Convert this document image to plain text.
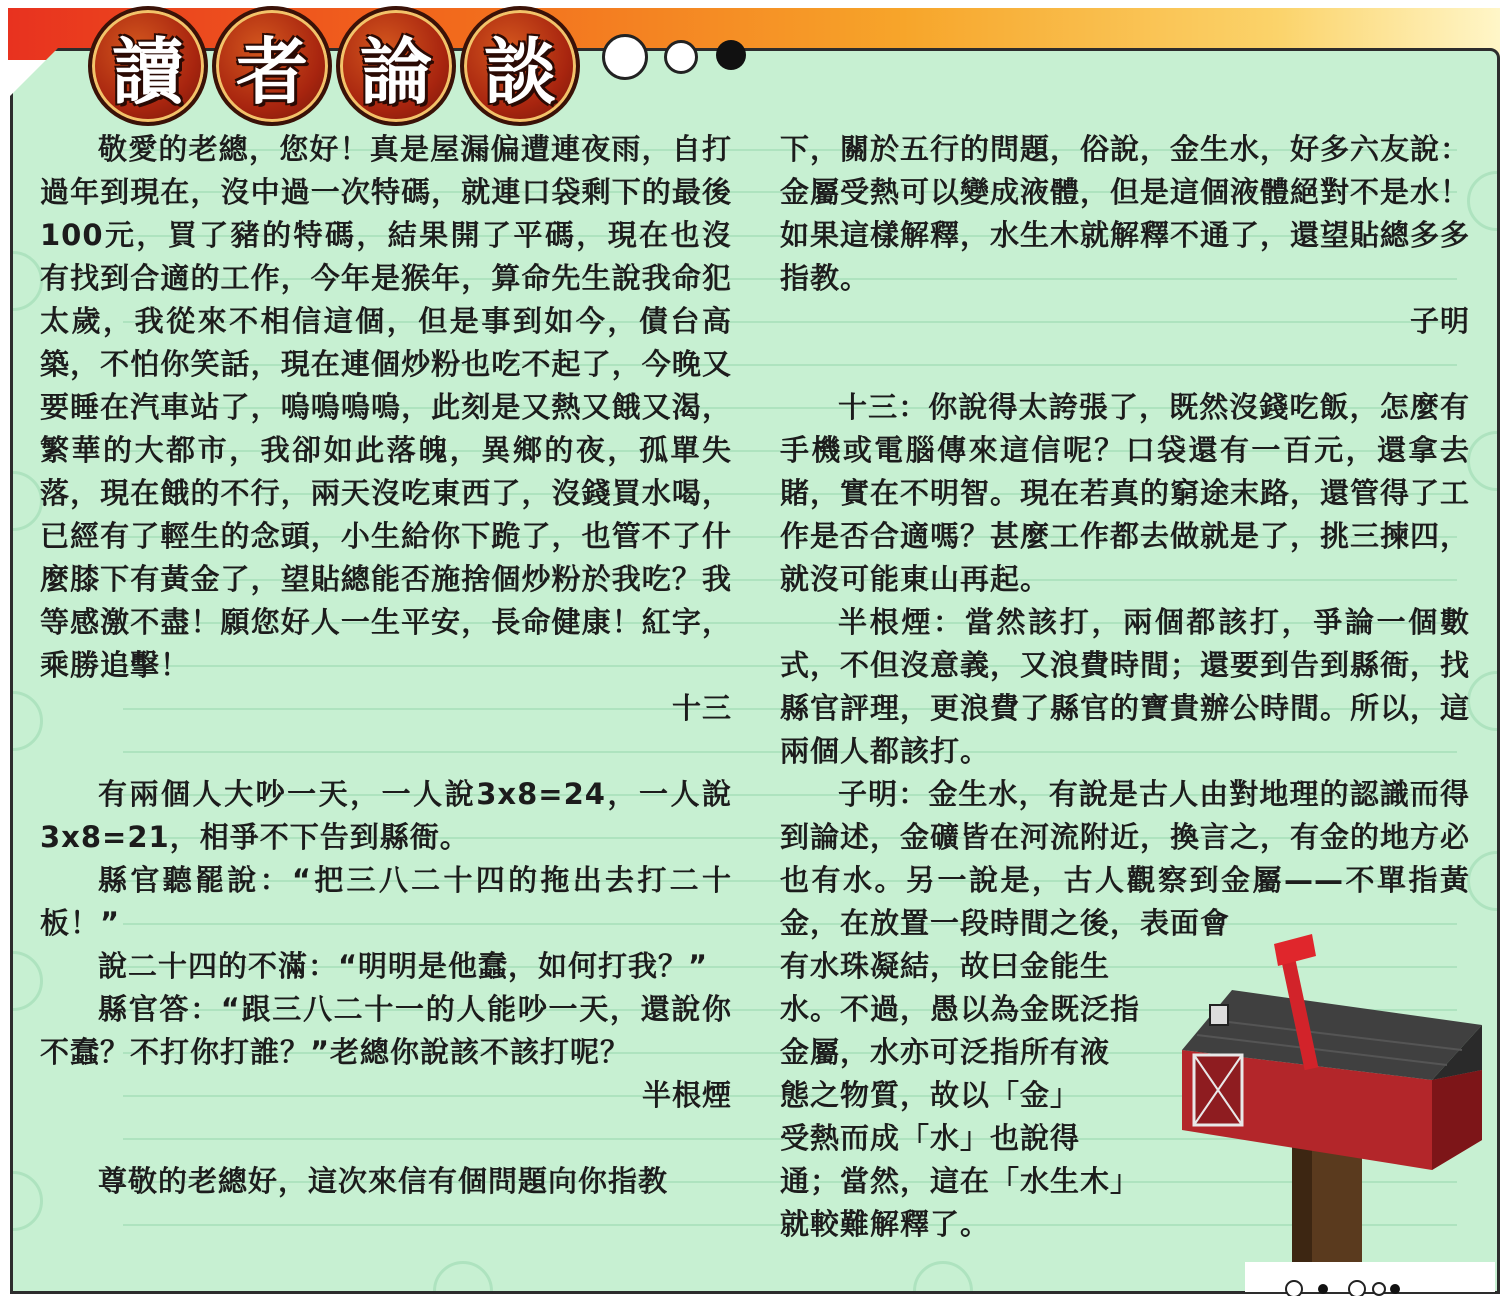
讀 者 論 談

敬愛的老總，您好！真是屋漏偏遭連夜雨，自打過年到現在，沒中過一次特碼，就連口袋剩下的最後100元，買了豬的特碼，結果開了平碼，現在也沒有找到合適的工作，今年是猴年，算命先生說我命犯太歲，我從來不相信這個，但是事到如今，債台高築，不怕你笑話，現在連個炒粉也吃不起了，今晚又要睡在汽車站了，嗚嗚嗚嗚，此刻是又熱又餓又渴，繁華的大都市，我卻如此落魄，異鄉的夜，孤單失落，現在餓的不行，兩天沒吃東西了，沒錢買水喝，已經有了輕生的念頭，小生給你下跪了，也管不了什麼膝下有黃金了，望貼總能否施捨個炒粉於我吃？我等感激不盡！願您好人一生平安，長命健康！紅字，乘勝追擊！

十三

有兩個人大吵一天，一人說3x8=24，一人說3x8=21，相爭不下告到縣衙。

縣官聽罷說：“把三八二十四的拖出去打二十板！”

說二十四的不滿：“明明是他蠢，如何打我？”

縣官答：“跟三八二十一的人能吵一天，還說你不蠢？不打你打誰？”老總你說該不該打呢？

半根煙

尊敬的老總好，這次來信有個問題向你指教

下，關於五行的問題，俗說，金生水，好多六友說：金屬受熱可以變成液體，但是這個液體絕對不是水！如果這樣解釋，水生木就解釋不通了，還望貼總多多指教。

子明

十三：你說得太誇張了，既然沒錢吃飯，怎麼有手機或電腦傳來這信呢？口袋還有一百元，還拿去賭，實在不明智。現在若真的窮途末路，還管得了工作是否合適嗎？甚麼工作都去做就是了，挑三揀四，就沒可能東山再起。

半根煙：當然該打，兩個都該打，爭論一個數式，不但沒意義，又浪費時間；還要到告到縣衙，找縣官評理，更浪費了縣官的寶貴辦公時間。所以，這兩個人都該打。

子明：金生水，有說是古人由對地理的認識而得到論述，金礦皆在河流附近，換言之，有金的地方必也有水。另一說是，古人觀察到金屬——不單指黃金，在放置一段時間之後，表面會

有水珠凝結，故曰金能生

水。不過，愚以為金既泛指

金屬，水亦可泛指所有液

態之物質，故以「金」

受熱而成「水」也說得

通；當然，這在「水生木」

就較難解釋了。
